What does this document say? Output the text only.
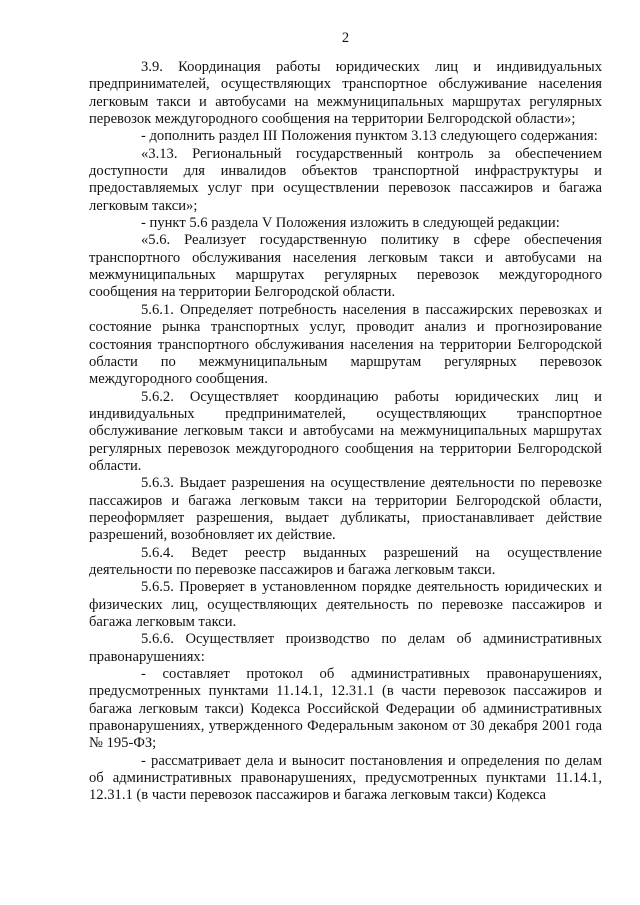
2

3.9. Координация работы юридических лиц и индивидуальных предпринимателей, осуществляющих транспортное обслуживание населения легковым такси и автобусами на межмуниципальных маршрутах регулярных перевозок междугородного сообщения на территории Белгородской области»;

- дополнить раздел III Положения пунктом 3.13 следующего содержания:

«3.13. Региональный государственный контроль за обеспечением доступности для инвалидов объектов транспортной инфраструктуры и предоставляемых услуг при осуществлении перевозок пассажиров и багажа легковым такси»;

- пункт 5.6 раздела V Положения изложить в следующей редакции:

«5.6. Реализует государственную политику в сфере обеспечения транспортного обслуживания населения легковым такси и автобусами на межмуниципальных маршрутах регулярных перевозок междугородного сообщения на территории Белгородской области.

5.6.1. Определяет потребность населения в пассажирских перевозках и состояние рынка транспортных услуг, проводит анализ и прогнозирование состояния транспортного обслуживания населения на территории Белгородской области по межмуниципальным маршрутам регулярных перевозок междугородного сообщения.

5.6.2. Осуществляет координацию работы юридических лиц и индивидуальных предпринимателей, осуществляющих транспортное обслуживание легковым такси и автобусами на межмуниципальных маршрутах регулярных перевозок междугородного сообщения на территории Белгородской области.

5.6.3. Выдает разрешения на осуществление деятельности по перевозке пассажиров и багажа легковым такси на территории Белгородской области, переоформляет разрешения, выдает дубликаты, приостанавливает действие разрешений, возобновляет их действие.

5.6.4. Ведет реестр выданных разрешений на осуществление деятельности по перевозке пассажиров и багажа легковым такси.

5.6.5. Проверяет в установленном порядке деятельность юридических и физических лиц, осуществляющих деятельность по перевозке пассажиров и багажа легковым такси.

5.6.6. Осуществляет производство по делам об административных правонарушениях:

- составляет протокол об административных правонарушениях, предусмотренных пунктами 11.14.1, 12.31.1 (в части перевозок пассажиров и багажа легковым такси) Кодекса Российской Федерации об административных правонарушениях, утвержденного Федеральным законом от 30 декабря 2001 года № 195-ФЗ;

- рассматривает дела и выносит постановления и определения по делам об административных правонарушениях, предусмотренных пунктами 11.14.1, 12.31.1 (в части перевозок пассажиров и багажа легковым такси) Кодекса
